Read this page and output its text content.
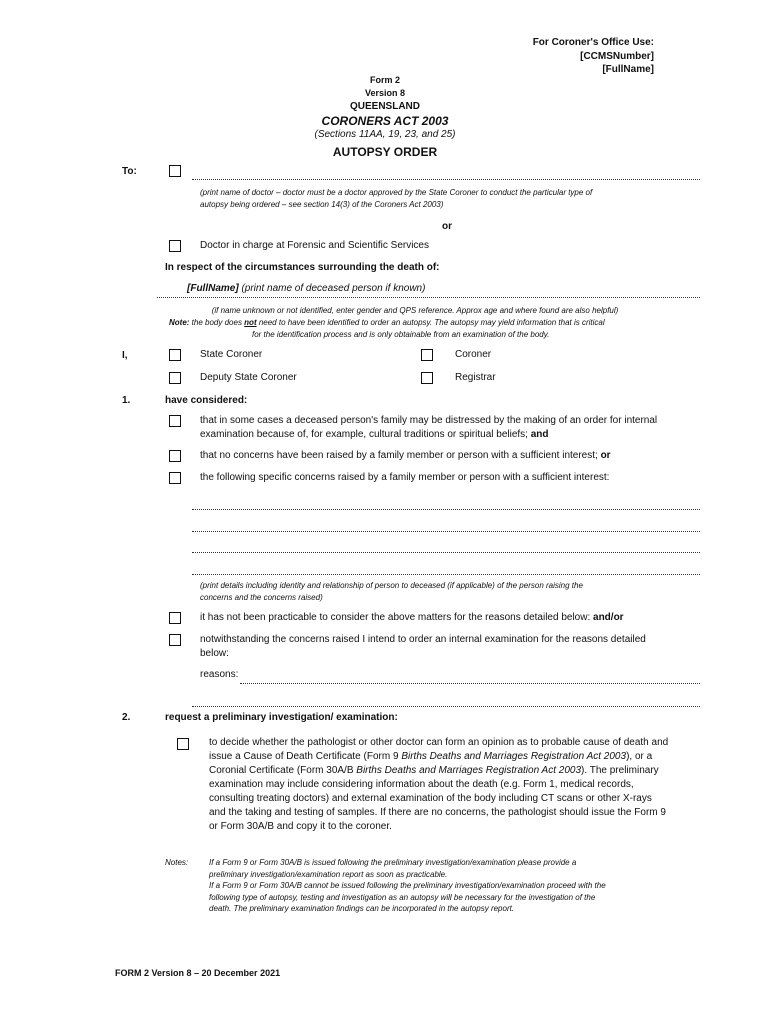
For Coroner's Office Use:
[CCMSNumber]
[FullName]
Form 2
Version 8
QUEENSLAND
CORONERS ACT 2003
(Sections 11AA, 19, 23, and 25)
AUTOPSY ORDER
To:
(print name of doctor – doctor must be a doctor approved by the State Coroner to conduct the particular type of
autopsy being ordered – see section 14(3) of the Coroners Act 2003)
or
Doctor in charge at Forensic and Scientific Services
In respect of the circumstances surrounding the death of:
[FullName] (print name of deceased person if known)
(if name unknown or not identified, enter gender and QPS reference. Approx age and where found are also helpful)
Note: the body does not need to have been identified to order an autopsy. The autopsy may yield information that is critical
for the identification process and is only obtainable from an examination of the body.
I,	State Coroner	Coroner
Deputy State Coroner	Registrar
1.	have considered:
that in some cases a deceased person's family may be distressed by the making of an order for internal
examination because of, for example, cultural traditions or spiritual beliefs; and
that no concerns have been raised by a family member or person with a sufficient interest; or
the following specific concerns raised by a family member or person with a sufficient interest:
(print details including identity and relationship of person to deceased (if applicable) of the person raising the
concerns and the concerns raised)
it has not been practicable to consider the above matters for the reasons detailed below: and/or
notwithstanding the concerns raised I intend to order an internal examination for the reasons detailed
below:
reasons:
2.	request a preliminary investigation/ examination:
to decide whether the pathologist or other doctor can form an opinion as to probable cause of death and
issue a Cause of Death Certificate (Form 9 Births Deaths and Marriages Registration Act 2003), or a
Coronial Certificate (Form 30A/B Births Deaths and Marriages Registration Act 2003). The preliminary
examination may include considering information about the death (e.g. Form 1, medical records,
consulting treating doctors) and external examination of the body including CT scans or other X-rays
and the taking and testing of samples. If there are no concerns, the pathologist should issue the Form 9
or Form 30A/B and copy it to the coroner.
Notes:	If a Form 9 or Form 30A/B is issued following the preliminary investigation/examination please provide a
preliminary investigation/examination report as soon as practicable.
If a Form 9 or Form 30A/B cannot be issued following the preliminary investigation/examination proceed with the
following type of autopsy, testing and investigation as an autopsy will be necessary for the investigation of the
death. The preliminary examination findings can be incorporated in the autopsy report.
FORM 2 Version 8 – 20 December 2021
